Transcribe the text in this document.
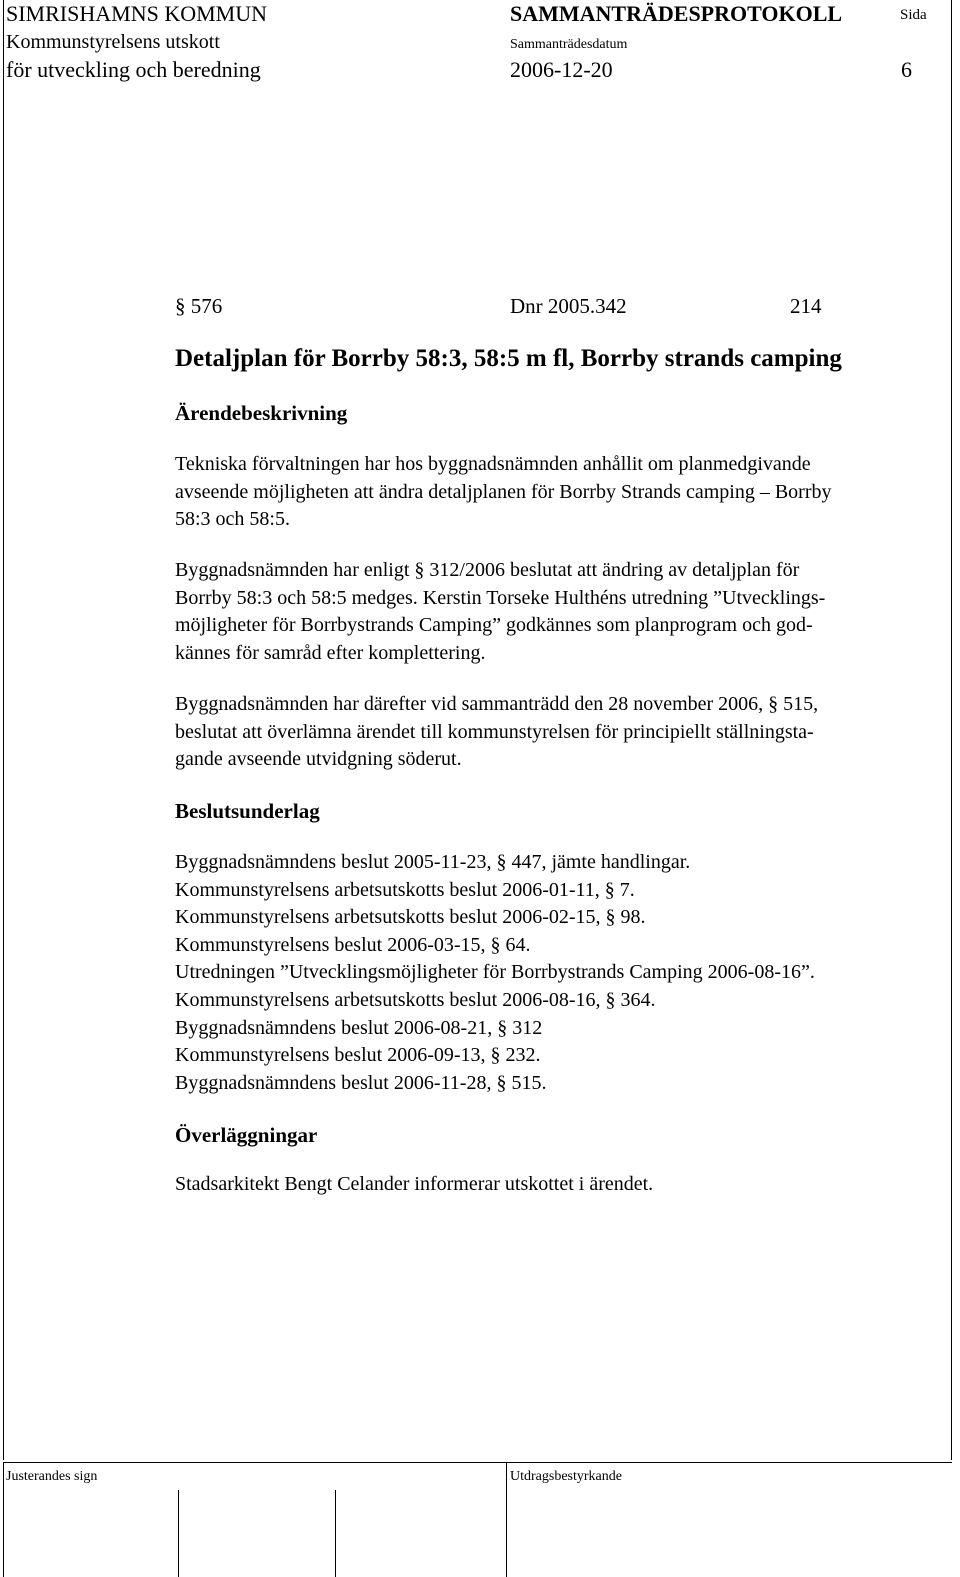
SIMRISHAMNS KOMMUN	SAMMANTRÄDESPROTOKOLL	Sida
Kommunstyrelsens utskott	Sammanträdesdatum
för utveckling och beredning	2006-12-20	6
§ 576	Dnr 2005.342	214
Detaljplan för Borrby 58:3, 58:5 m fl, Borrby strands camping
Ärendebeskrivning
Tekniska förvaltningen har hos byggnadsnämnden anhållit om planmedgivande
avseende möjligheten att ändra detaljplanen för Borrby Strands camping – Borrby
58:3 och 58:5.
Byggnadsnämnden har enligt § 312/2006 beslutat att ändring av detaljplan för
Borrby 58:3 och 58:5 medges. Kerstin Torseke Hulthéns utredning ”Utvecklings-
möjligheter för Borrbystrands Camping” godkännes som planprogram och god-
kännes för samråd efter komplettering.
Byggnadsnämnden har därefter vid sammanträdd den 28 november 2006, § 515,
beslutat att överlämna ärendet till kommunstyrelsen för principiellt ställningsta-
gande avseende utvidgning söderut.
Beslutsunderlag
Byggnadsnämndens beslut 2005-11-23, § 447, jämte handlingar.
Kommunstyrelsens arbetsutskotts beslut 2006-01-11, § 7.
Kommunstyrelsens arbetsutskotts beslut 2006-02-15, § 98.
Kommunstyrelsens beslut 2006-03-15, § 64.
Utredningen ”Utvecklingsmöjligheter för Borrbystrands Camping 2006-08-16”.
Kommunstyrelsens arbetsutskotts beslut 2006-08-16, § 364.
Byggnadsnämndens beslut 2006-08-21, § 312
Kommunstyrelsens beslut 2006-09-13, § 232.
Byggnadsnämndens beslut 2006-11-28, § 515.
Överläggningar
Stadsarkitekt Bengt Celander informerar utskottet i ärendet.
Justerandes sign	Utdragsbestyrkande
